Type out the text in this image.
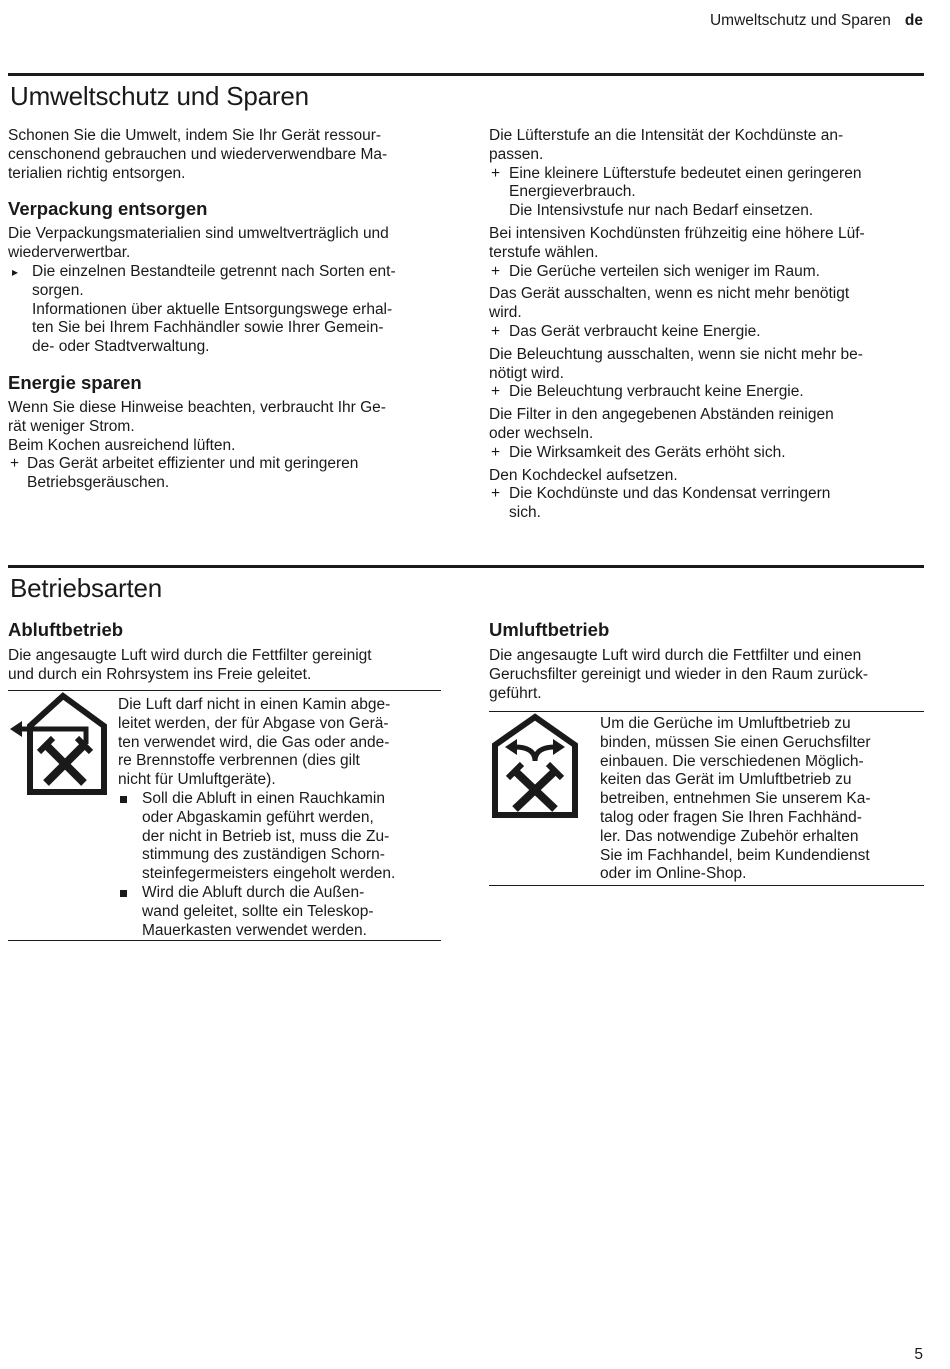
Umweltschutz und Sparen de
Umweltschutz und Sparen
Schonen Sie die Umwelt, indem Sie Ihr Gerät ressour-
censchonend gebrauchen und wiederverwendbare Ma-
terialien richtig entsorgen.
Verpackung entsorgen
Die Verpackungsmaterialien sind umweltverträglich und
wiederverwertbar.
▸ Die einzelnen Bestandteile getrennt nach Sorten ent-
sorgen.
Informationen über aktuelle Entsorgungswege erhal-
ten Sie bei Ihrem Fachhändler sowie Ihrer Gemein-
de- oder Stadtverwaltung.
Energie sparen
Wenn Sie diese Hinweise beachten, verbraucht Ihr Ge-
rät weniger Strom.
Beim Kochen ausreichend lüften.
+ Das Gerät arbeitet effizienter und mit geringeren
Betriebsgeräuschen.
Die Lüfterstufe an die Intensität der Kochdünste an-
passen.
+ Eine kleinere Lüfterstufe bedeutet einen geringeren
Energieverbrauch.
Die Intensivstufe nur nach Bedarf einsetzen.
Bei intensiven Kochdünsten frühzeitig eine höhere Lüf-
terstufe wählen.
+ Die Gerüche verteilen sich weniger im Raum.
Das Gerät ausschalten, wenn es nicht mehr benötigt
wird.
+ Das Gerät verbraucht keine Energie.
Die Beleuchtung ausschalten, wenn sie nicht mehr be-
nötigt wird.
+ Die Beleuchtung verbraucht keine Energie.
Die Filter in den angegebenen Abständen reinigen
oder wechseln.
+ Die Wirksamkeit des Geräts erhöht sich.
Den Kochdeckel aufsetzen.
+ Die Kochdünste und das Kondensat verringern
sich.
Betriebsarten
Abluftbetrieb
Die angesaugte Luft wird durch die Fettfilter gereinigt
und durch ein Rohrsystem ins Freie geleitet.
Die Luft darf nicht in einen Kamin abge-
leitet werden, der für Abgase von Gerä-
ten verwendet wird, die Gas oder ande-
re Brennstoffe verbrennen (dies gilt
nicht für Umluftgeräte).
Soll die Abluft in einen Rauchkamin
oder Abgaskamin geführt werden,
der nicht in Betrieb ist, muss die Zu-
stimmung des zuständigen Schorn-
steinfegermeisters eingeholt werden.
Wird die Abluft durch die Außen-
wand geleitet, sollte ein Teleskop-
Mauerkasten verwendet werden.
Umluftbetrieb
Die angesaugte Luft wird durch die Fettfilter und einen
Geruchsfilter gereinigt und wieder in den Raum zurück-
geführt.
Um die Gerüche im Umluftbetrieb zu
binden, müssen Sie einen Geruchsfilter
einbauen. Die verschiedenen Möglich-
keiten das Gerät im Umluftbetrieb zu
betreiben, entnehmen Sie unserem Ka-
talog oder fragen Sie Ihren Fachhänd-
ler. Das notwendige Zubehör erhalten
Sie im Fachhandel, beim Kundendienst
oder im Online-Shop.
5
